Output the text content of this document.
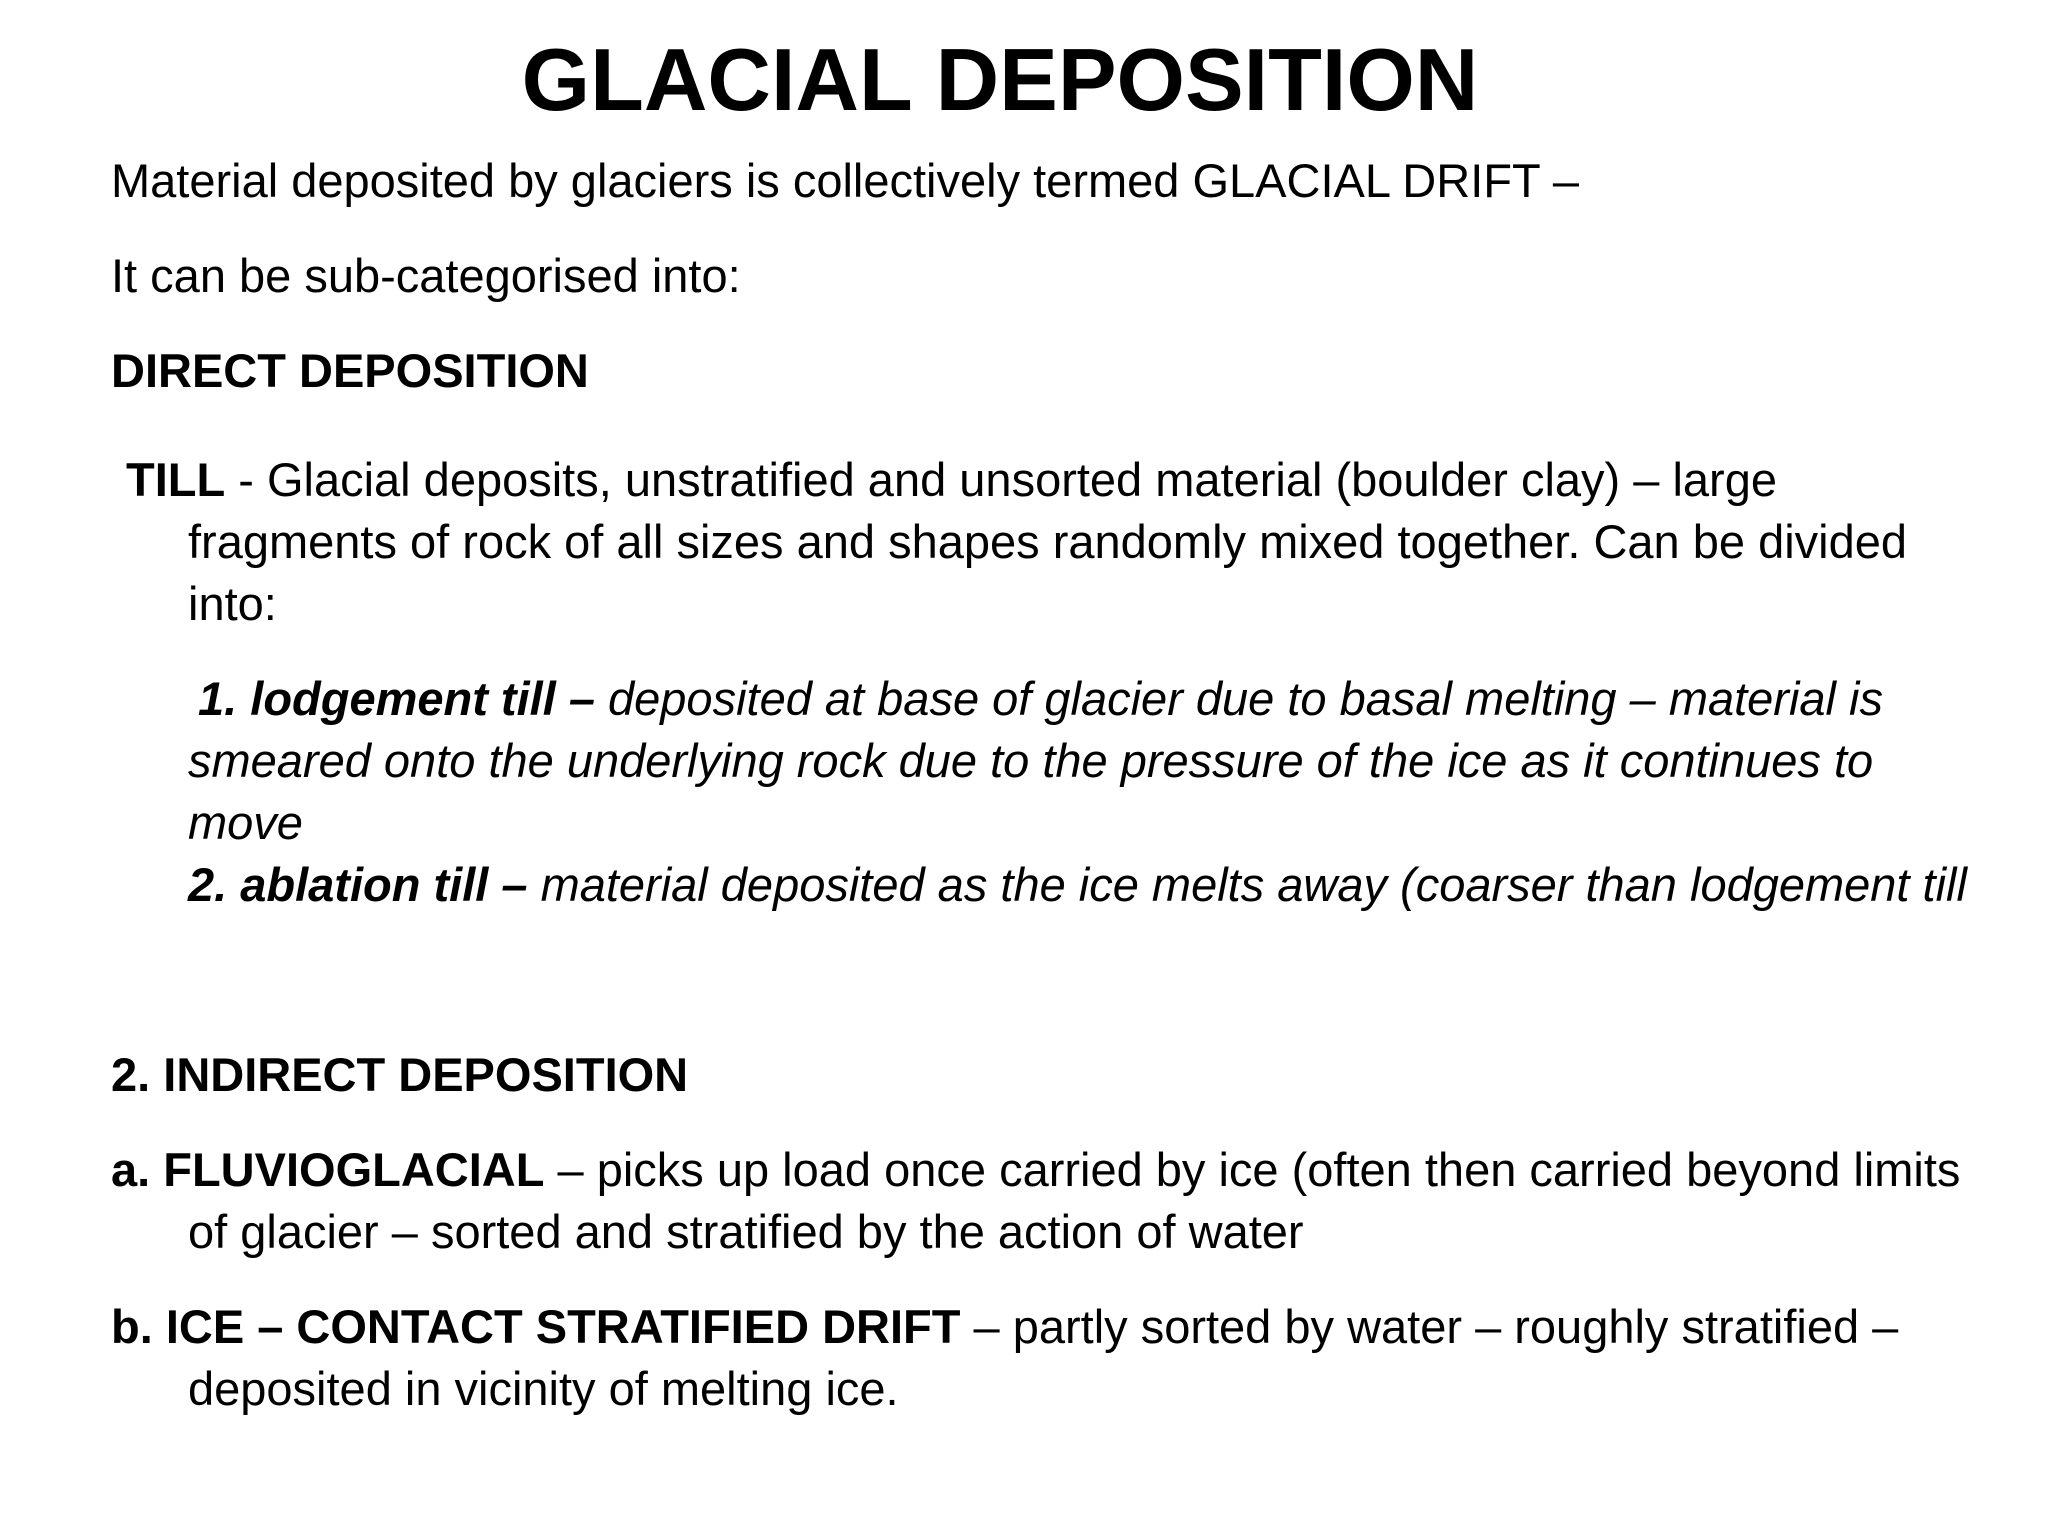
GLACIAL DEPOSITION

Material deposited by glaciers is collectively termed GLACIAL DRIFT –

It can be sub-categorised into:

DIRECT DEPOSITION

TILL - Glacial deposits, unstratified and unsorted material (boulder clay) – large fragments of rock of all sizes and shapes randomly mixed together. Can be divided into:

1. lodgement till – deposited at base of glacier due to basal melting – material is smeared onto the underlying rock due to the pressure of the ice as it continues to move

2. ablation till – material deposited as the ice melts away (coarser than lodgement till

2. INDIRECT DEPOSITION

a. FLUVIOGLACIAL – picks up load once carried by ice (often then carried beyond limits of glacier – sorted and stratified by the action of water

b. ICE – CONTACT STRATIFIED DRIFT – partly sorted by water – roughly stratified – deposited in vicinity of melting ice.
